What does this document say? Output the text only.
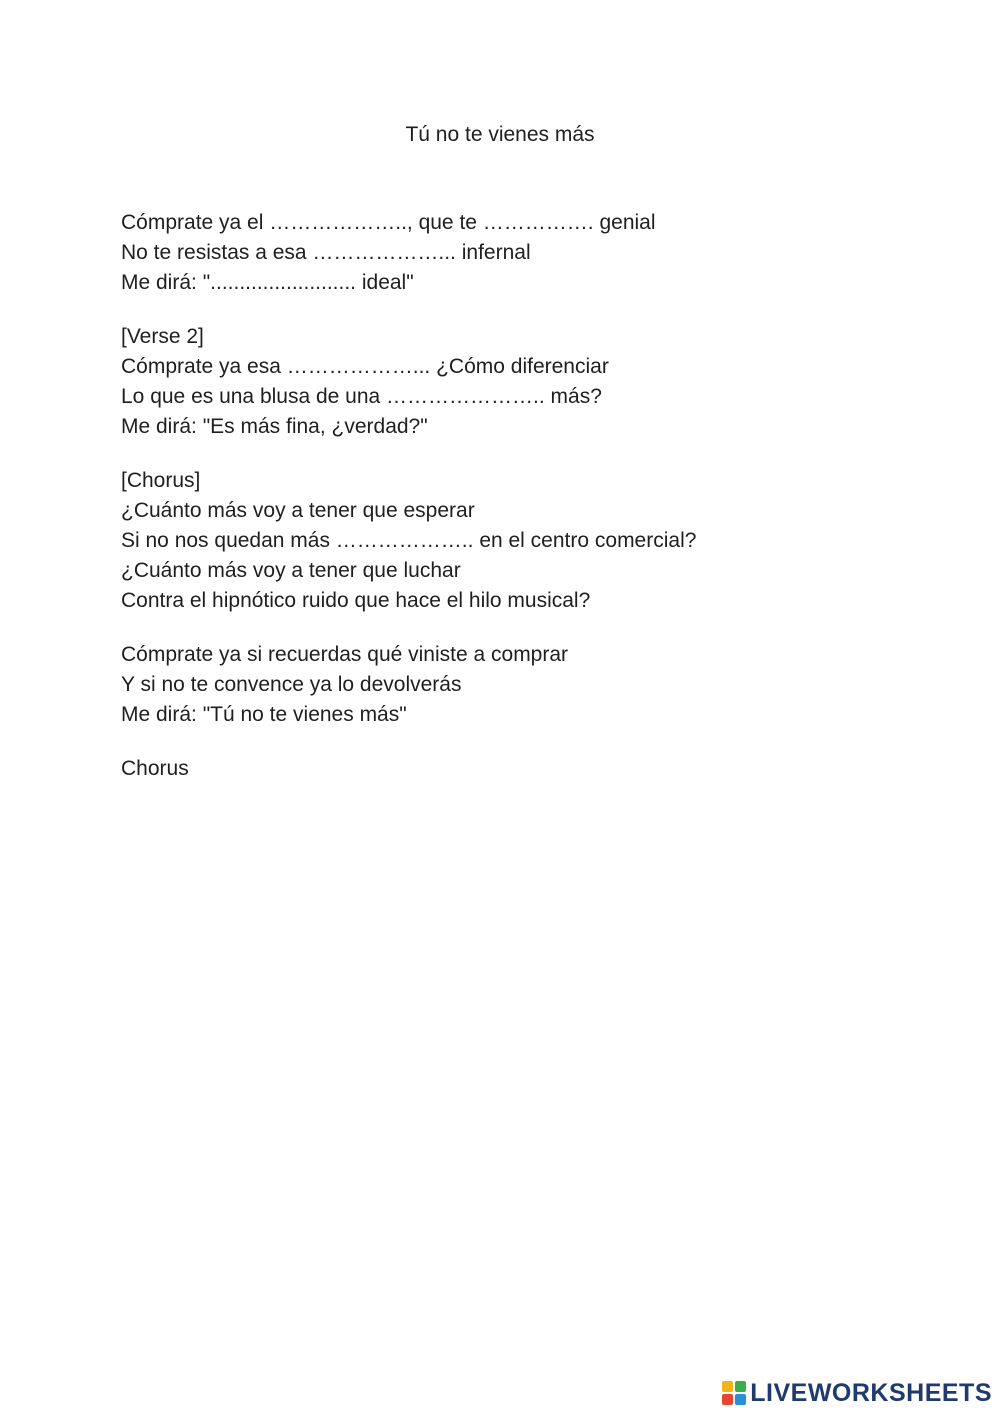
Tú no te vienes más
Cómprate ya el ……………….., que te ……………. genial
No te resistas a esa ………………... infernal
Me dirá: "......................... ideal"
[Verse 2]
Cómprate ya esa ………………... ¿Cómo diferenciar
Lo que es una blusa de una ………………….. más?
Me dirá: "Es más fina, ¿verdad?"
[Chorus]
¿Cuánto más voy a tener que esperar
Si no nos quedan más ……………….. en el centro comercial?
¿Cuánto más voy a tener que luchar
Contra el hipnótico ruido que hace el hilo musical?
Cómprate ya si recuerdas qué viniste a comprar
Y si no te convence ya lo devolverás
Me dirá: "Tú no te vienes más"
Chorus
LIVEWORKSHEETS
